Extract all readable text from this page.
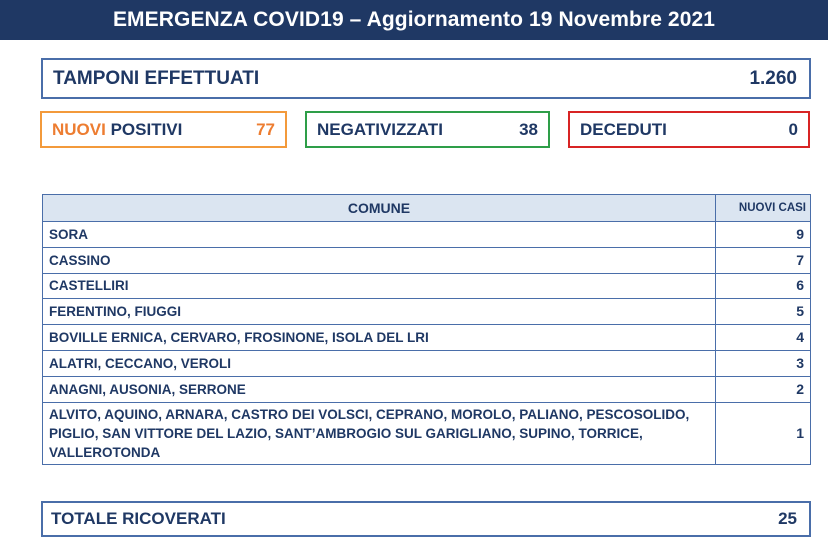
EMERGENZA COVID19 – Aggiornamento 19 Novembre 2021
TAMPONI EFFETTUATI	1.260
NUOVI POSITIVI	77 NEGATIVIZZATI	38 DECEDUTI	0
COMUNE	NUOVI CASI
SORA	9
CASSINO	7
CASTELLIRI	6
FERENTINO, FIUGGI	5
BOVILLE ERNICA, CERVARO, FROSINONE, ISOLA DEL LRI	4
ALATRI, CECCANO, VEROLI	3
ANAGNI, AUSONIA, SERRONE	2
ALVITO, AQUINO, ARNARA, CASTRO DEI VOLSCI, CEPRANO, MOROLO, PALIANO, PESCOSOLIDO, PIGLIO, SAN VITTORE DEL LAZIO, SANT’AMBROGIO SUL GARIGLIANO, SUPINO, TORRICE, VALLEROTONDA	1
TOTALE RICOVERATI	25
